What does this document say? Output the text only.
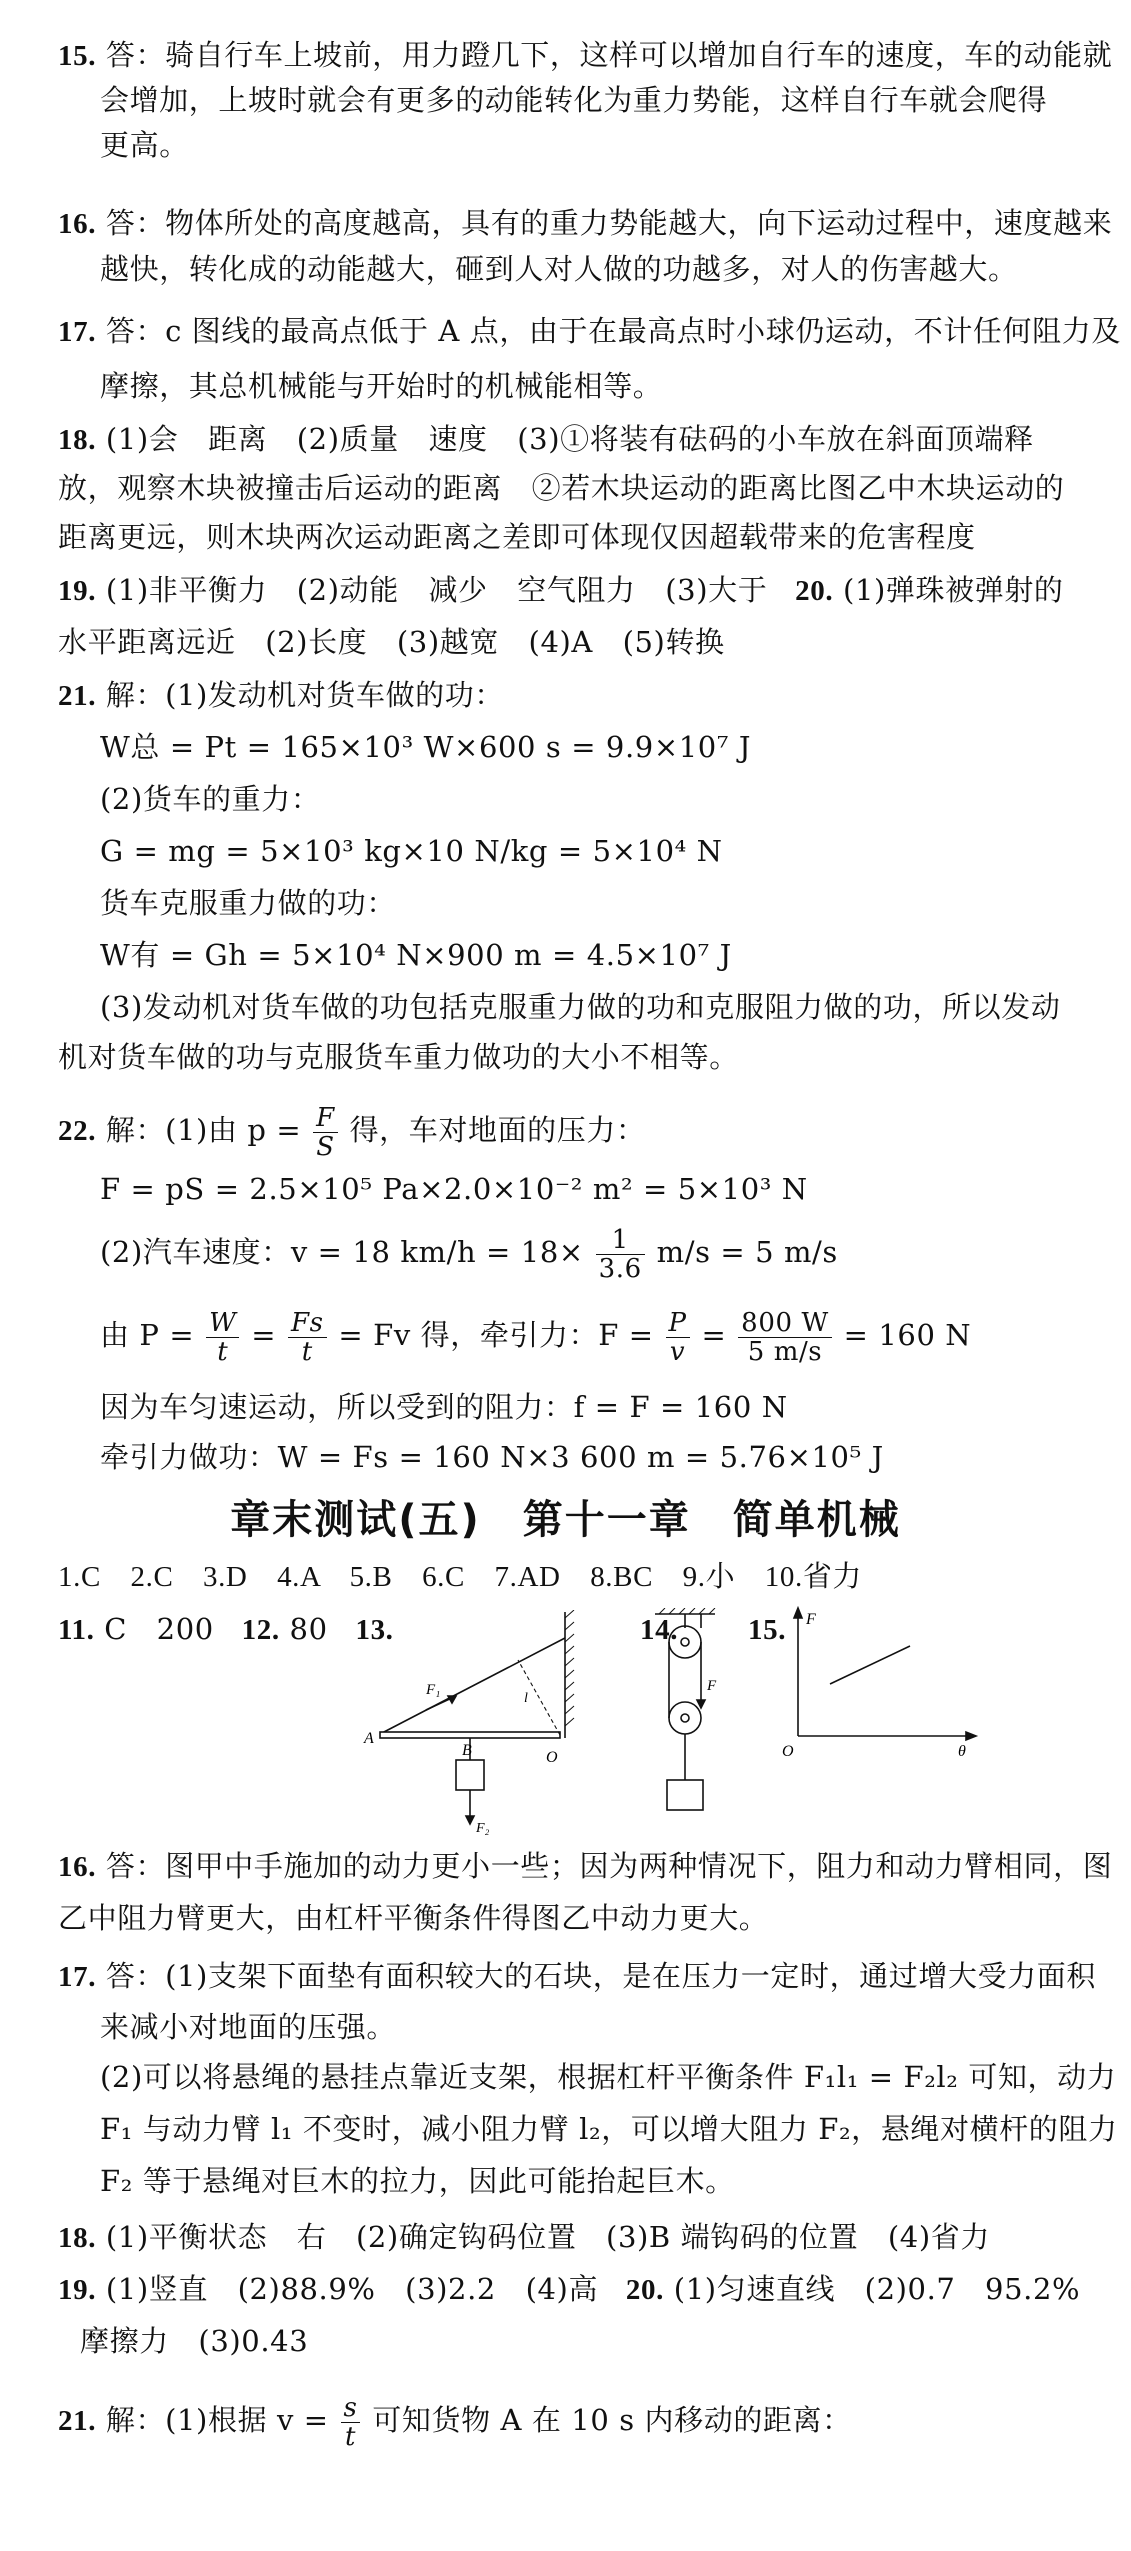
15. 答：骑自行车上坡前，用力蹬几下，这样可以增加自行车的速度，车的动能就
会增加，上坡时就会有更多的动能转化为重力势能，这样自行车就会爬得
更高。
16. 答：物体所处的高度越高，具有的重力势能越大，向下运动过程中，速度越来
越快，转化成的动能越大，砸到人对人做的功越多，对人的伤害越大。
17. 答：c 图线的最高点低于 A 点，由于在最高点时小球仍运动，不计任何阻力及
摩擦，其总机械能与开始时的机械能相等。
18. (1)会　距离　(2)质量　速度　(3)①将装有砝码的小车放在斜面顶端释
放，观察木块被撞击后运动的距离　②若木块运动的距离比图乙中木块运动的
距离更远，则木块两次运动距离之差即可体现仅因超载带来的危害程度
19. (1)非平衡力　(2)动能　减少　空气阻力　(3)大于 20. (1)弹珠被弹射的
水平距离远近　(2)长度　(3)越宽　(4)A　(5)转换
21. 解：(1)发动机对货车做的功：
W总 = Pt = 165×10³ W×600 s = 9.9×10⁷ J
(2)货车的重力：
G = mg = 5×10³ kg×10 N/kg = 5×10⁴ N
货车克服重力做的功：
W有 = Gh = 5×10⁴ N×900 m = 4.5×10⁷ J
(3)发动机对货车做的功包括克服重力做的功和克服阻力做的功，所以发动
机对货车做的功与克服货车重力做功的大小不相等。
22. 解：(1)由 $p = \frac{F}{S}$ 得，车对地面的压力：
F = pS = 2.5×10⁵ Pa×2.0×10⁻² m² = 5×10³ N
(2)汽车速度：v = 18 $km/h = 18\times \frac{1}{3.6} m/s = 5$ m/s
由 $P = \frac{W}{t} = \frac{Fs}{t} = Fv$ 得，牵引力：$F = \frac{P}{v} = \frac{800 W}{5 m/s} = 160$ N
因为车匀速运动，所以受到的阻力：f = F = 160 N
牵引力做功：W = Fs = 160 N×3 600 m = 5.76×10⁵ J
章末测试(五)　第十一章　简单机械
1.C　2.C　3.D　4.A　5.B　6.C　7.AD　8.BC　9.小　10.省力
11. C　200 12. 80 13.	14. 15.
A
B	O
F₁
F₂
l
F
F
O	θ
16. 答：图甲中手施加的动力更小一些；因为两种情况下，阻力和动力臂相同，图
乙中阻力臂更大，由杠杆平衡条件得图乙中动力更大。
17. 答：(1)支架下面垫有面积较大的石块，是在压力一定时，通过增大受力面积
来减小对地面的压强。
(2)可以将悬绳的悬挂点靠近支架，根据杠杆平衡条件 F₁l₁ = F₂l₂ 可知，动力
F₁ 与动力臂 l₁ 不变时，减小阻力臂 l₂，可以增大阻力 F₂，悬绳对横杆的阻力
F₂ 等于悬绳对巨木的拉力，因此可能抬起巨木。
18. (1)平衡状态　右　(2)确定钩码位置　(3)B 端钩码的位置　(4)省力
19. (1)竖直　(2)88.9%　(3)2.2　(4)高 20. (1)匀速直线　(2)0.7　95.2%
摩擦力　(3)0.43
21. 解：(1)根据 $v = \frac{s}{t}$ 可知货物 A 在 10 s 内移动的距离：
